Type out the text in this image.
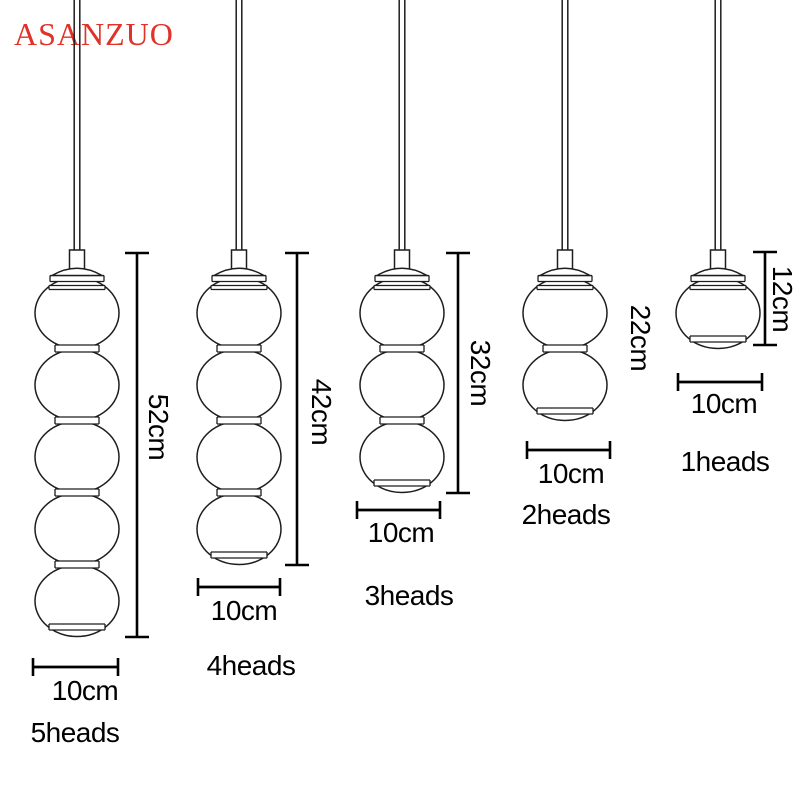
ASANZUO
52cm
10cm
5heads
42cm
10cm
4heads
32cm
10cm
3heads
22cm
10cm
2heads
12cm
10cm
1heads
